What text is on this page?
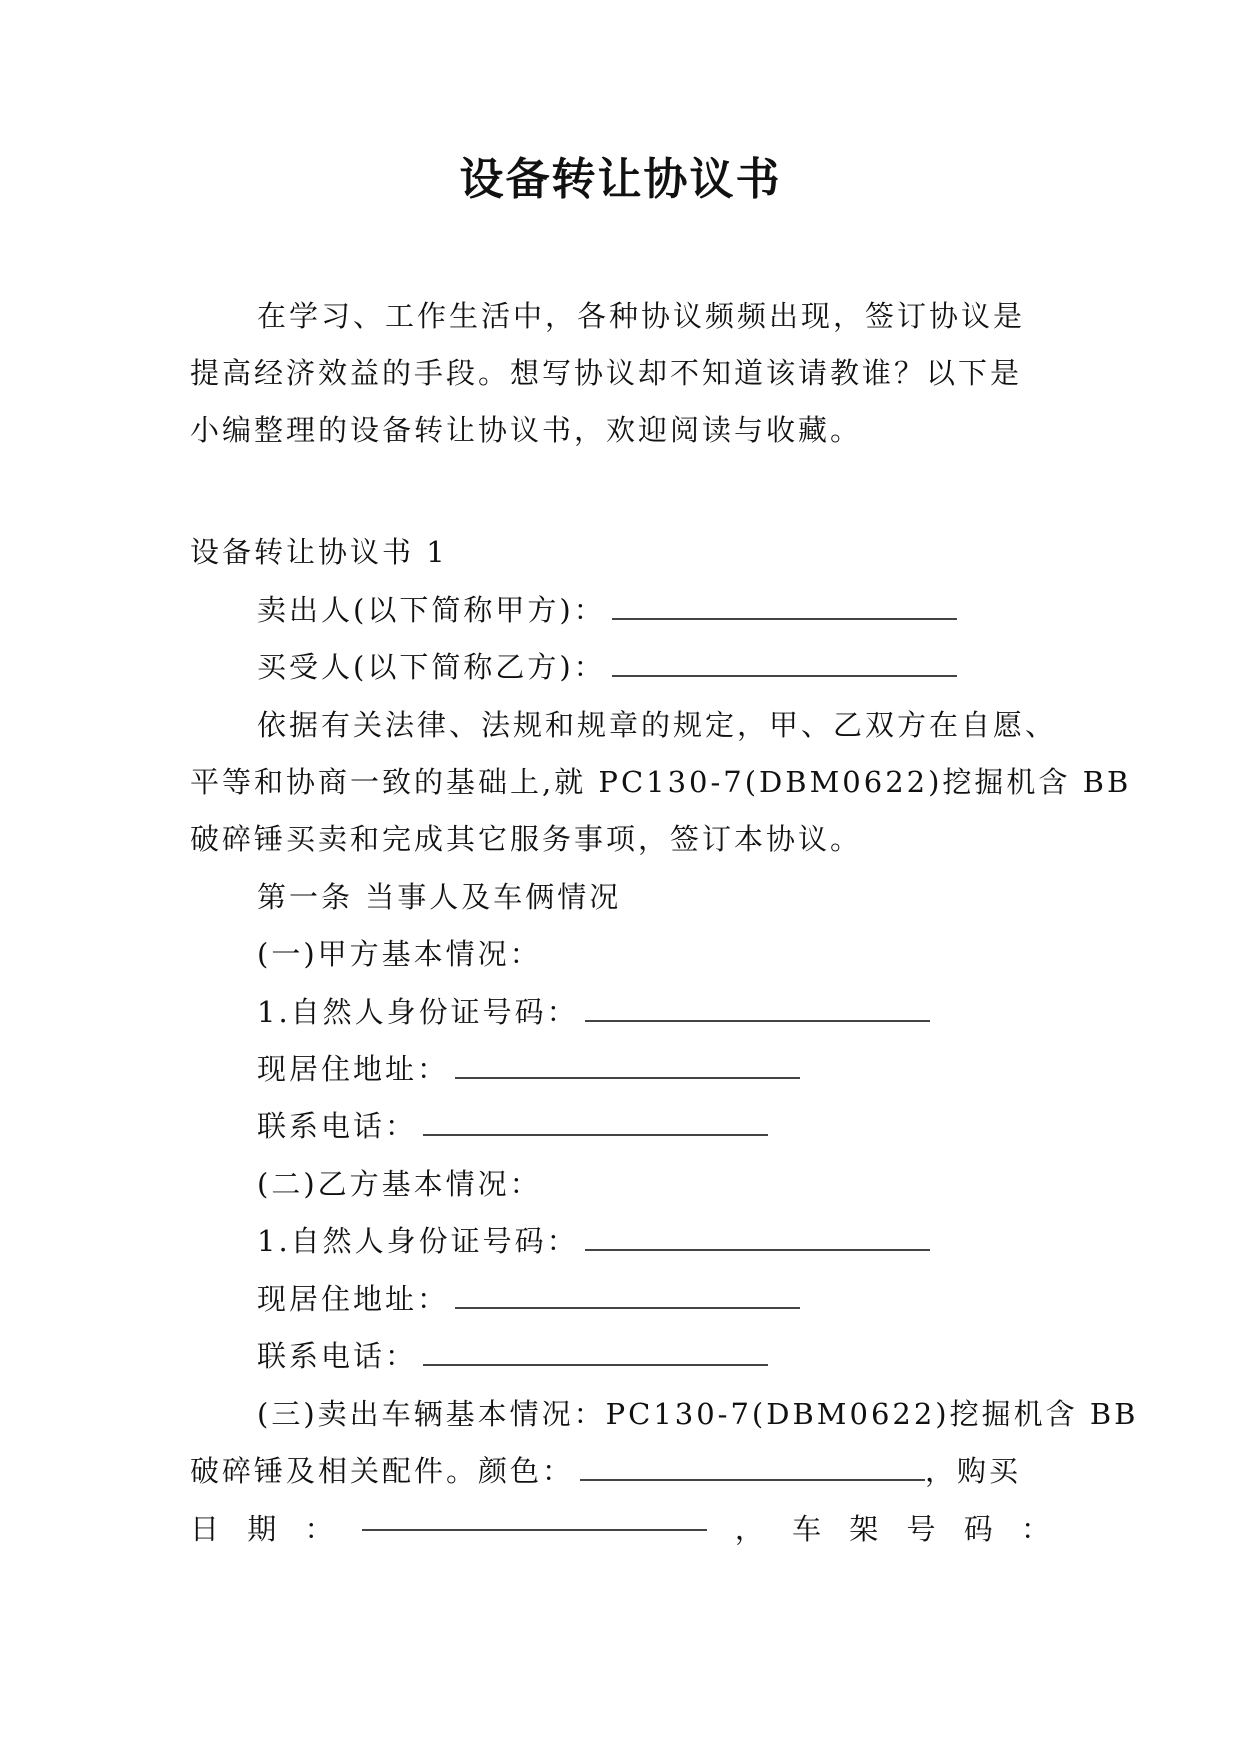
设备转让协议书
在学习、工作生活中，各种协议频频出现，签订协议是
提高经济效益的手段。想写协议却不知道该请教谁？以下是
小编整理的设备转让协议书，欢迎阅读与收藏。
设备转让协议书 1
卖出人(以下简称甲方)：
买受人(以下简称乙方)：
依据有关法律、法规和规章的规定，甲、乙双方在自愿、
平等和协商一致的基础上,就 PC130-7(DBM0622)挖掘机含 BB
破碎锤买卖和完成其它服务事项，签订本协议。
第一条 当事人及车俩情况
(一)甲方基本情况：
1.自然人身份证号码：
现居住地址：
联系电话：
(二)乙方基本情况：
1.自然人身份证号码：
现居住地址：
联系电话：
(三)卖出车辆基本情况：PC130-7(DBM0622)挖掘机含 BB
破碎锤及相关配件。颜色：	，购买
日 期 ：	， 车 架 号 码 ：
